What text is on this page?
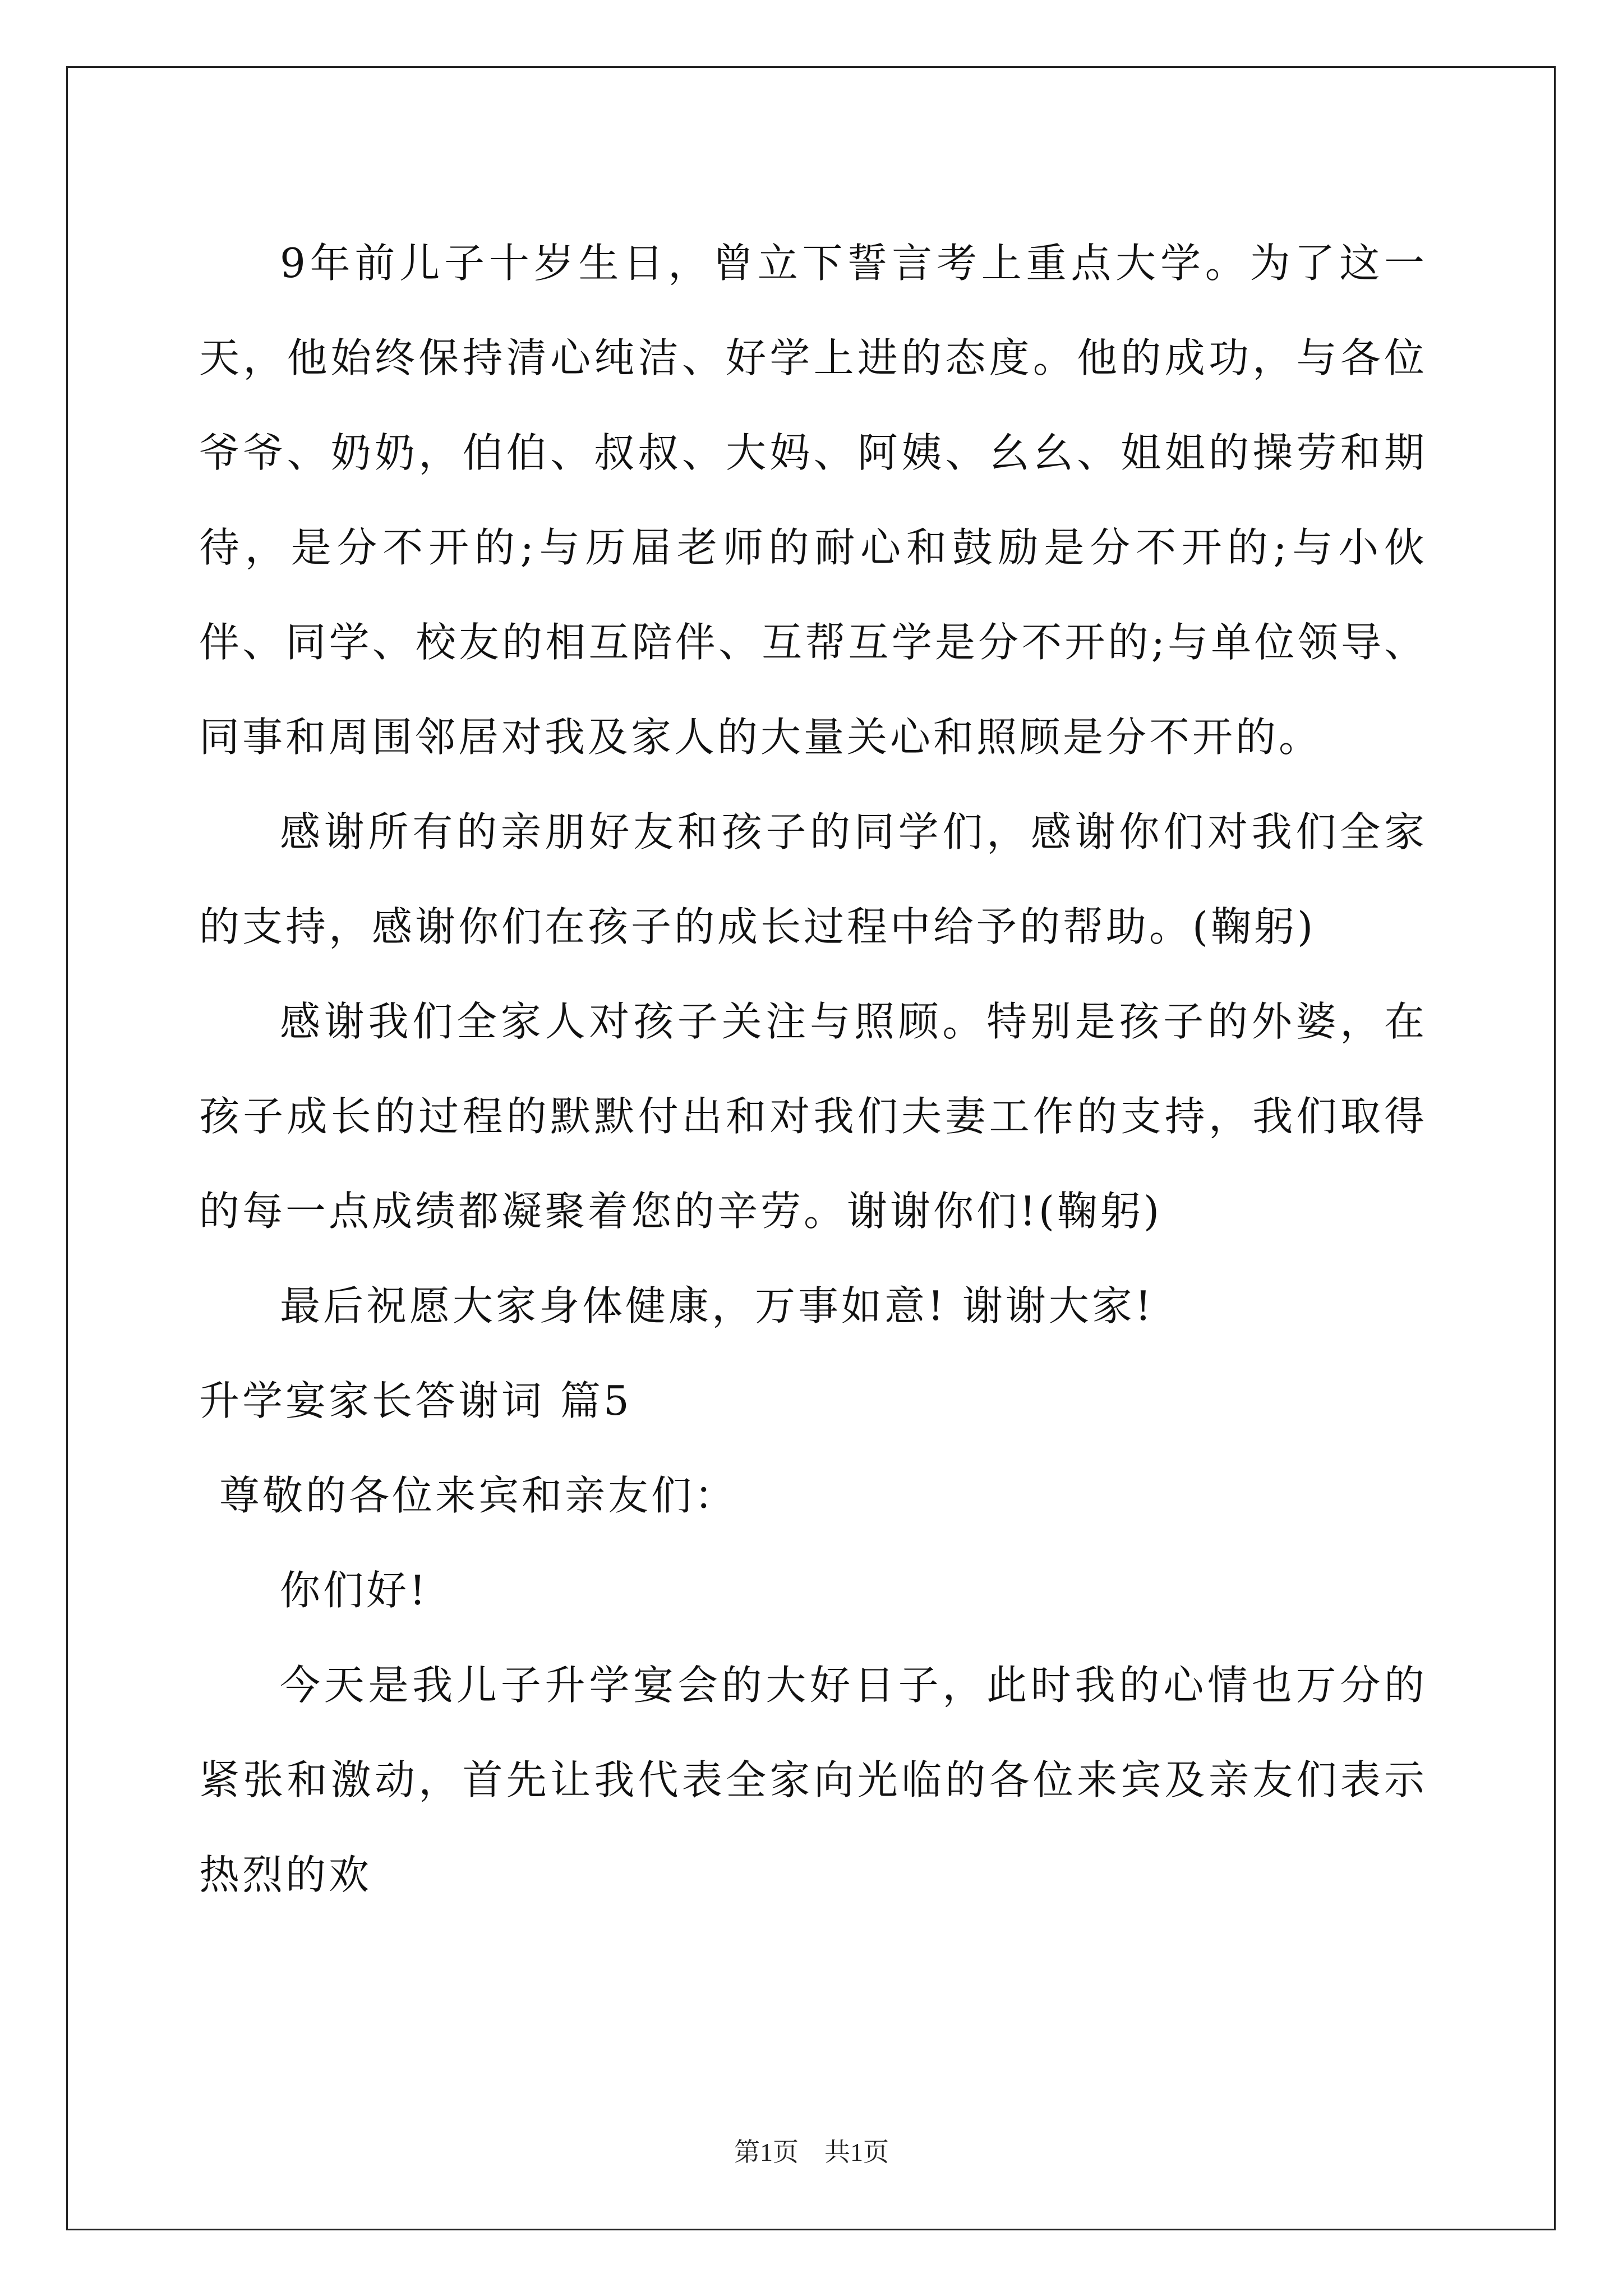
9年前儿子十岁生日，曾立下誓言考上重点大学。为了这一天，他始终保持清心纯洁、好学上进的态度。他的成功，与各位爷爷、奶奶，伯伯、叔叔、大妈、阿姨、幺幺、姐姐的操劳和期待，是分不开的;与历届老师的耐心和鼓励是分不开的;与小伙伴、同学、校友的相互陪伴、互帮互学是分不开的;与单位领导、同事和周围邻居对我及家人的大量关心和照顾是分不开的。

感谢所有的亲朋好友和孩子的同学们，感谢你们对我们全家的支持，感谢你们在孩子的成长过程中给予的帮助。(鞠躬)

感谢我们全家人对孩子关注与照顾。特别是孩子的外婆，在孩子成长的过程的默默付出和对我们夫妻工作的支持，我们取得的每一点成绩都凝聚着您的辛劳。谢谢你们!(鞠躬)

最后祝愿大家身体健康，万事如意! 谢谢大家!

升学宴家长答谢词 篇5

尊敬的各位来宾和亲友们：

你们好!

今天是我儿子升学宴会的大好日子，此时我的心情也万分的紧张和激动，首先让我代表全家向光临的各位来宾及亲友们表示热烈的欢

第1页　共1页
